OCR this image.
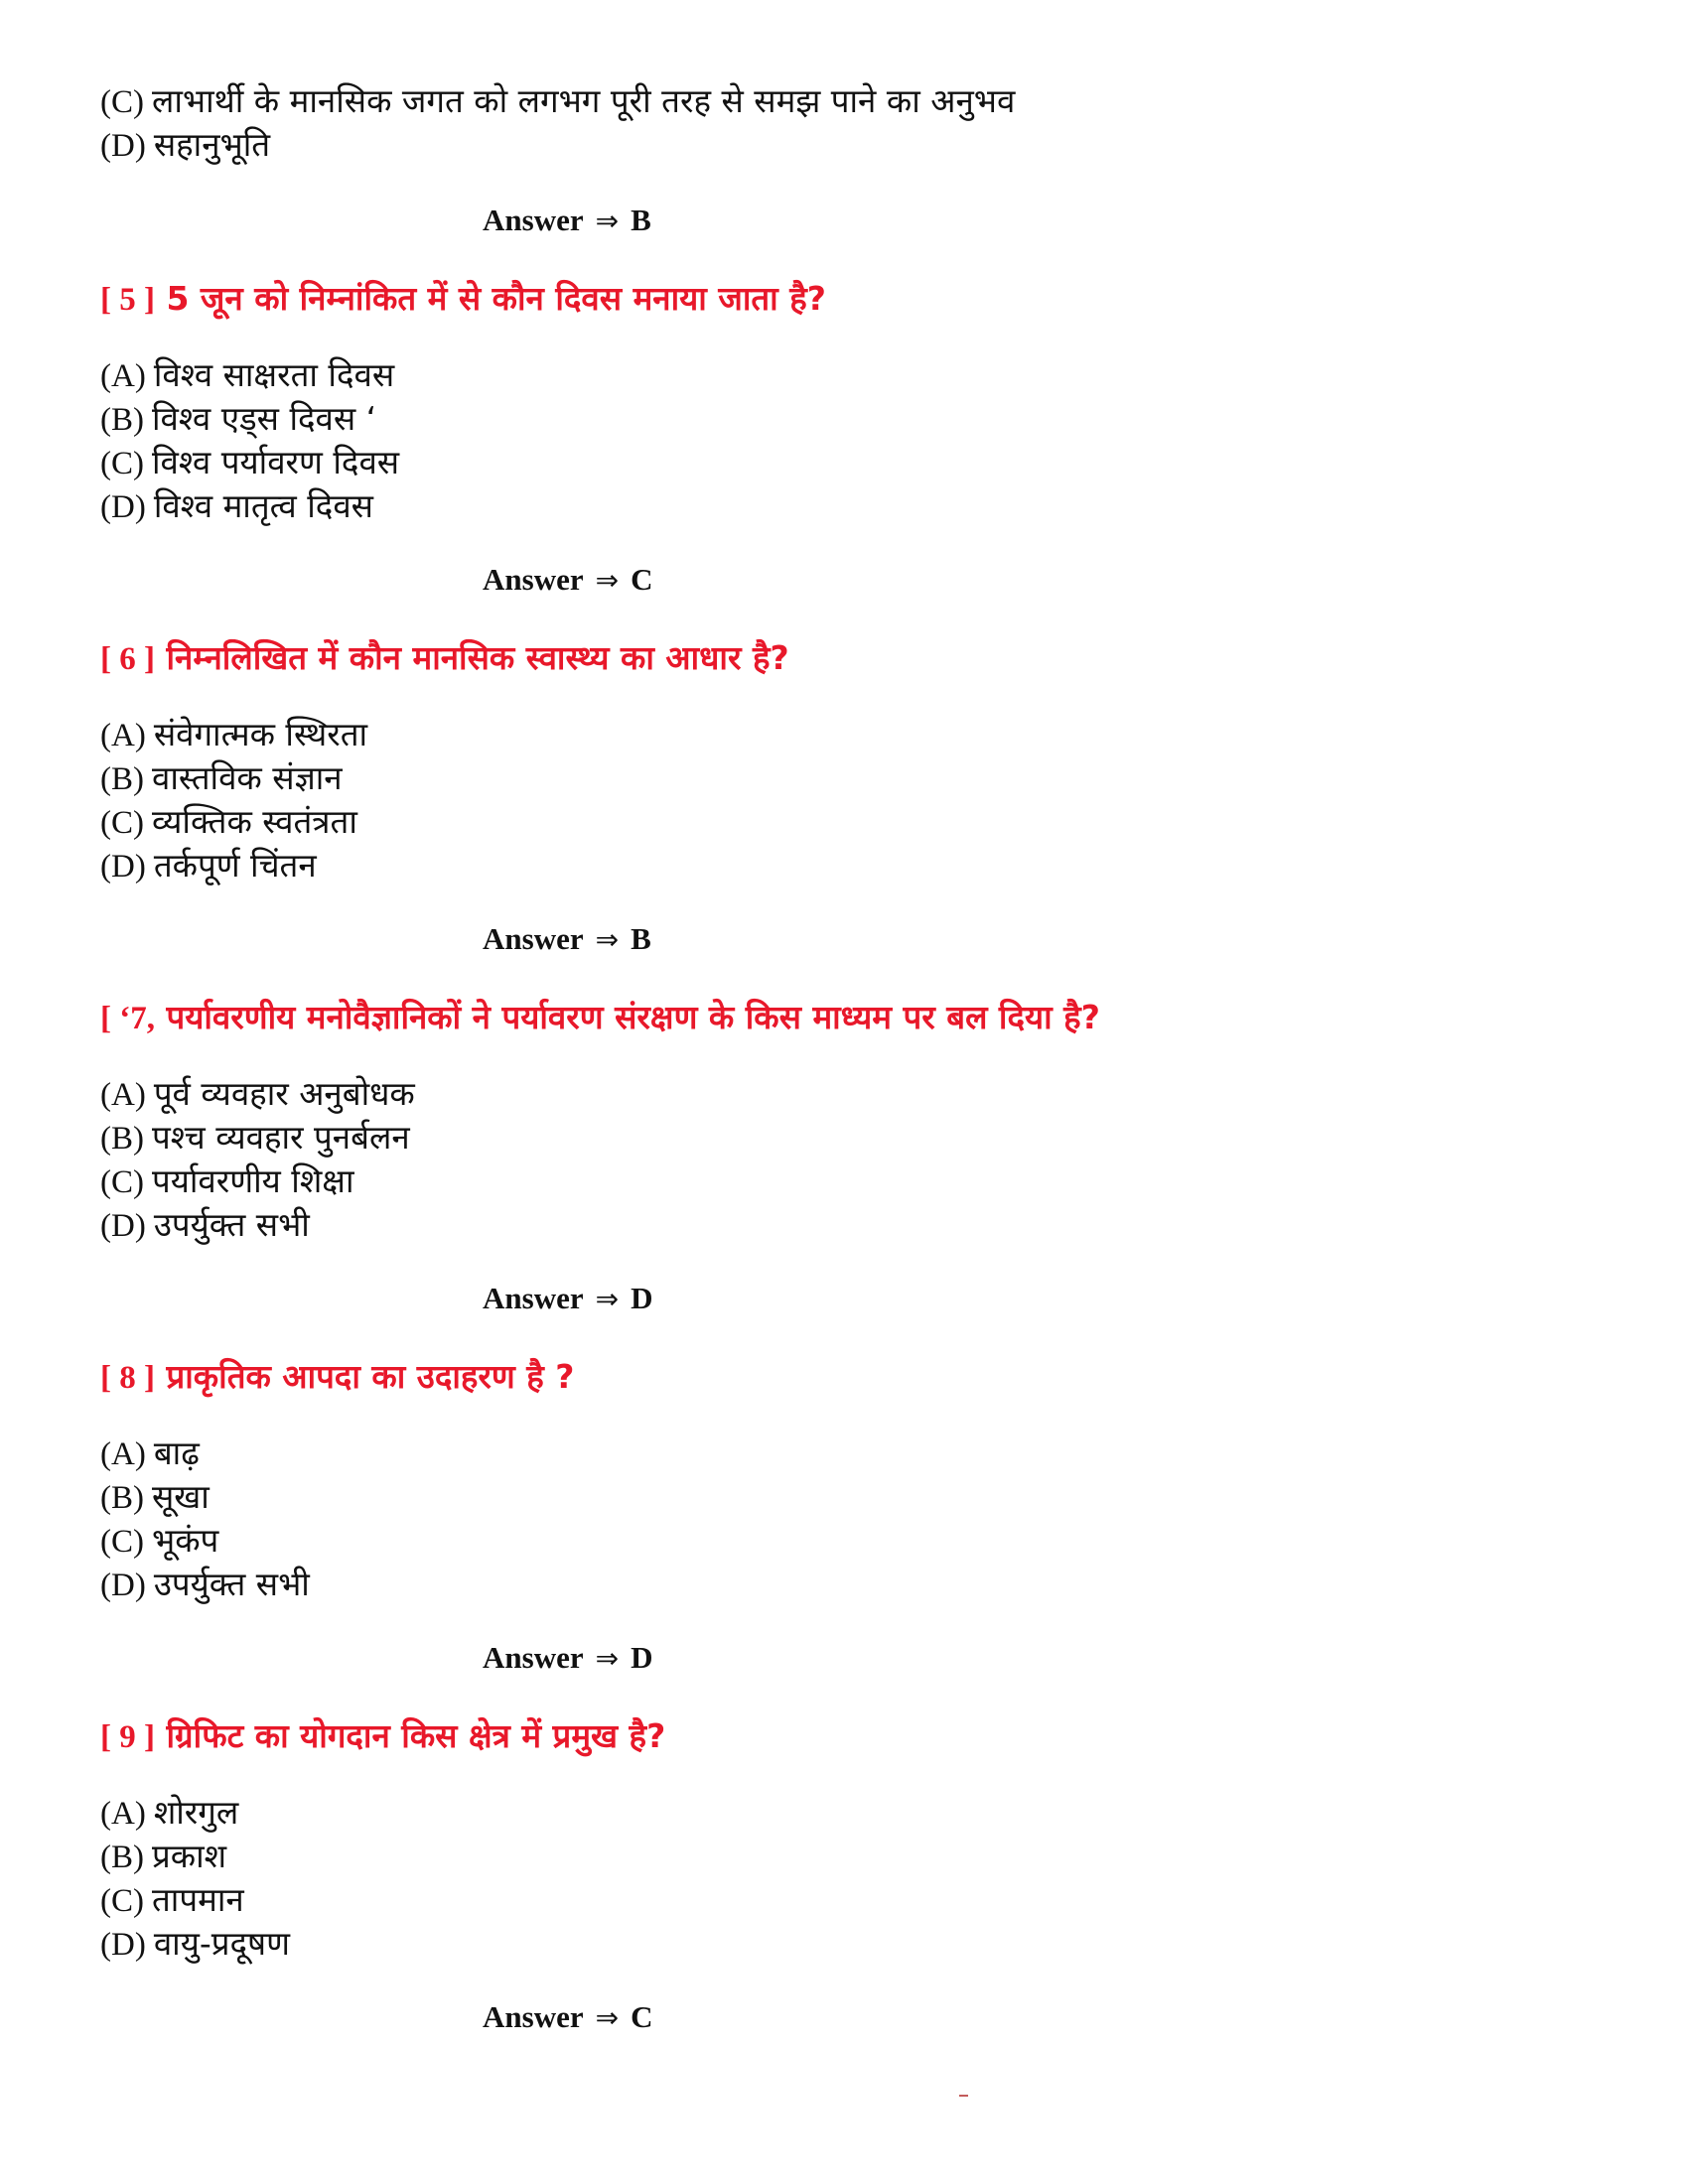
(C) लाभार्थी के मानसिक जगत को लगभग पूरी तरह से समझ पाने का अनुभव
(D) सहानुभूति
Answer ⇒ B
[ 5 ] 5 जून को निम्नांकित में से कौन दिवस मनाया जाता है?
(A) विश्व साक्षरता दिवस
(B) विश्व एड्स दिवस ‘
(C) विश्व पर्यावरण दिवस
(D) विश्व मातृत्व दिवस
Answer ⇒ C
[ 6 ] निम्नलिखित में कौन मानसिक स्वास्थ्य का आधार है?
(A) संवेगात्मक स्थिरता
(B) वास्तविक संज्ञान
(C) व्यक्तिक स्वतंत्रता
(D) तर्कपूर्ण चिंतन
Answer ⇒ B
[ ‘7, पर्यावरणीय मनोवैज्ञानिकों ने पर्यावरण संरक्षण के किस माध्यम पर बल दिया है?
(A) पूर्व व्यवहार अनुबोधक
(B) पश्च व्यवहार पुनर्बलन
(C) पर्यावरणीय शिक्षा
(D) उपर्युक्त सभी
Answer ⇒ D
[ 8 ] प्राकृतिक आपदा का उदाहरण है ?
(A) बाढ़
(B) सूखा
(C) भूकंप
(D) उपर्युक्त सभी
Answer ⇒ D
[ 9 ] ग्रिफिट का योगदान किस क्षेत्र में प्रमुख है?
(A) शोरगुल
(B) प्रकाश
(C) तापमान
(D) वायु-प्रदूषण
Answer ⇒ C
